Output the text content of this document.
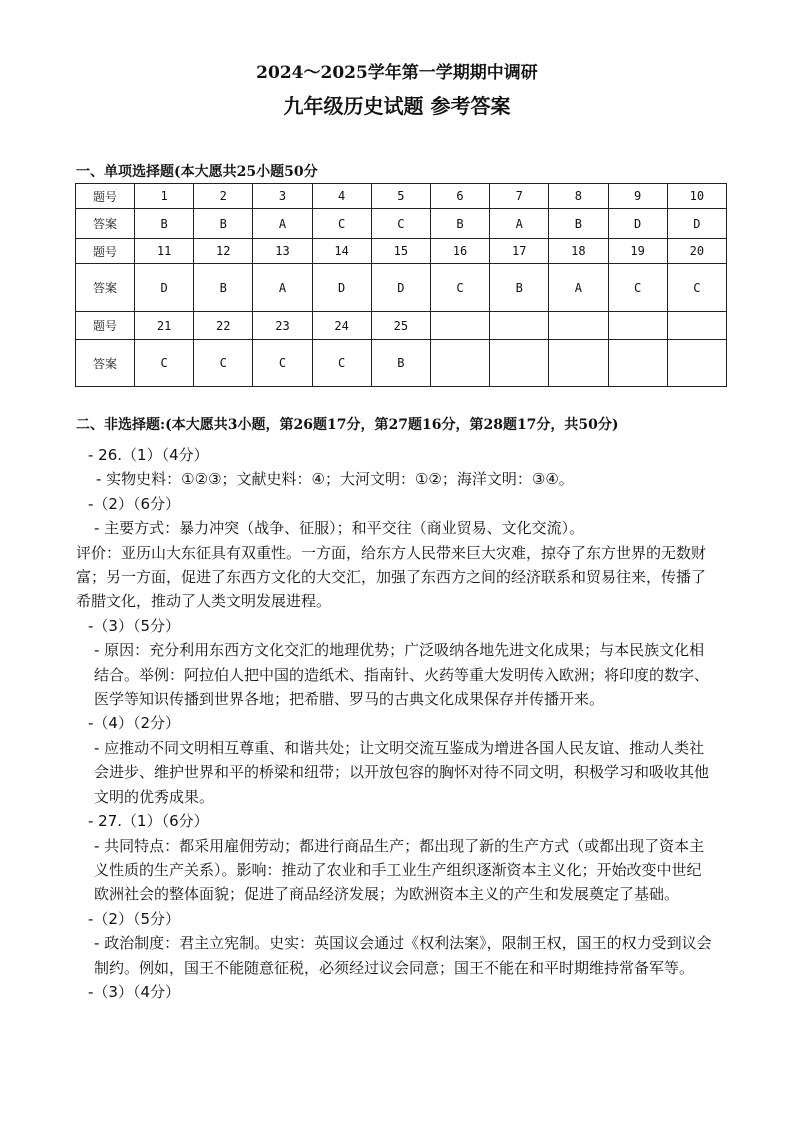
2024～2025学年第一学期期中调研
九年级历史试题 参考答案
一、单项选择题(本大愿共25小题50分
题号	1	2	3	4	5	6	7	8	9	10
答案	B	B	A	C	C	B	A	B	D	D
题号	11	12	13	14	15	16	17	18	19	20
答案	D	B	A	D	D	C	B	A	C	C
题号	21	22	23	24	25					
答案	C	C	C	C	B					
二、非选择题:(本大愿共3小题，第26题17分，第27题16分，第28题17分，共50分)

- 26.（1）（4分）

- 实物史料：①②③；文献史料：④；大河文明：①②；海洋文明：③④。

-（2）（6分）

- 主要方式：暴力冲突（战争、征服）；和平交往（商业贸易、文化交流）。

评价：亚历山大东征具有双重性。一方面，给东方人民带来巨大灾难，掠夺了东方世界的无数财富；另一方面，促进了东西方文化的大交汇，加强了东西方之间的经济联系和贸易往来，传播了希腊文化，推动了人类文明发展进程。

-（3）（5分）

- 原因：充分利用东西方文化交汇的地理优势；广泛吸纳各地先进文化成果；与本民族文化相结合。举例：阿拉伯人把中国的造纸术、指南针、火药等重大发明传入欧洲；将印度的数字、医学等知识传播到世界各地；把希腊、罗马的古典文化成果保存并传播开来。

-（4）（2分）

- 应推动不同文明相互尊重、和谐共处；让文明交流互鉴成为增进各国人民友谊、推动人类社会进步、维护世界和平的桥梁和纽带；以开放包容的胸怀对待不同文明，积极学习和吸收其他文明的优秀成果。

- 27.（1）（6分）

- 共同特点：都采用雇佣劳动；都进行商品生产；都出现了新的生产方式（或都出现了资本主义性质的生产关系）。影响：推动了农业和手工业生产组织逐渐资本主义化；开始改变中世纪欧洲社会的整体面貌；促进了商品经济发展；为欧洲资本主义的产生和发展奠定了基础。

-（2）（5分）

- 政治制度：君主立宪制。史实：英国议会通过《权利法案》，限制王权，国王的权力受到议会制约。例如，国王不能随意征税，必须经过议会同意；国王不能在和平时期维持常备军等。

-（3）（4分）
